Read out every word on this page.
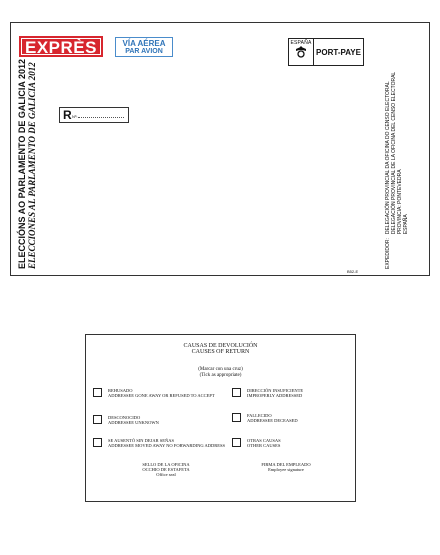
EXPRÈS	VÍA AÉREA
PAR AVION
ESPAÑA
PORT-PAYE
ELECCIÓNS AO PARLAMENTO DE GALICIA 2012 ELECCIONES AL PARLAMENTO DE GALICIA 2012 R Nº:
EXPEDIDOR:
DELEGACIÓN PROVINCIAL DA OFICINA DO CENSO ELECTORAL DELEGACIÓN PROVINCIAL DE LA OFICINA DEL CENSO ELECTORAL PROVINCIA: PONTEVEDRA ESPAÑA
B52-E
CAUSAS DE DEVOLUCIÓN
CAUSES OF RETURN
(Marcar con una cruz)
(Tick as appropriate)
REHUSADO
ADDRESSEE GONE AWAY OR REFUSED TO ACCEPT
DESCONOCIDO
ADDRESSEE UNKNOWN
SE AUSENTÓ SIN DEJAR SEÑAS
ADDRESSEE MOVED AWAY NO FORWARDING ADDRESS
DIRECCIÓN INSUFICIENTE
IMPROPERLY ADDRESSED
FALLECIDO
ADDRESSEE DECEASED
OTRAS CAUSAS
OTHER CAUSES
SELLO DE LA OFICINA
OCCHIO DE ESTAFETA
Office seal
FIRMA DEL EMPLEADO
Employee signature
